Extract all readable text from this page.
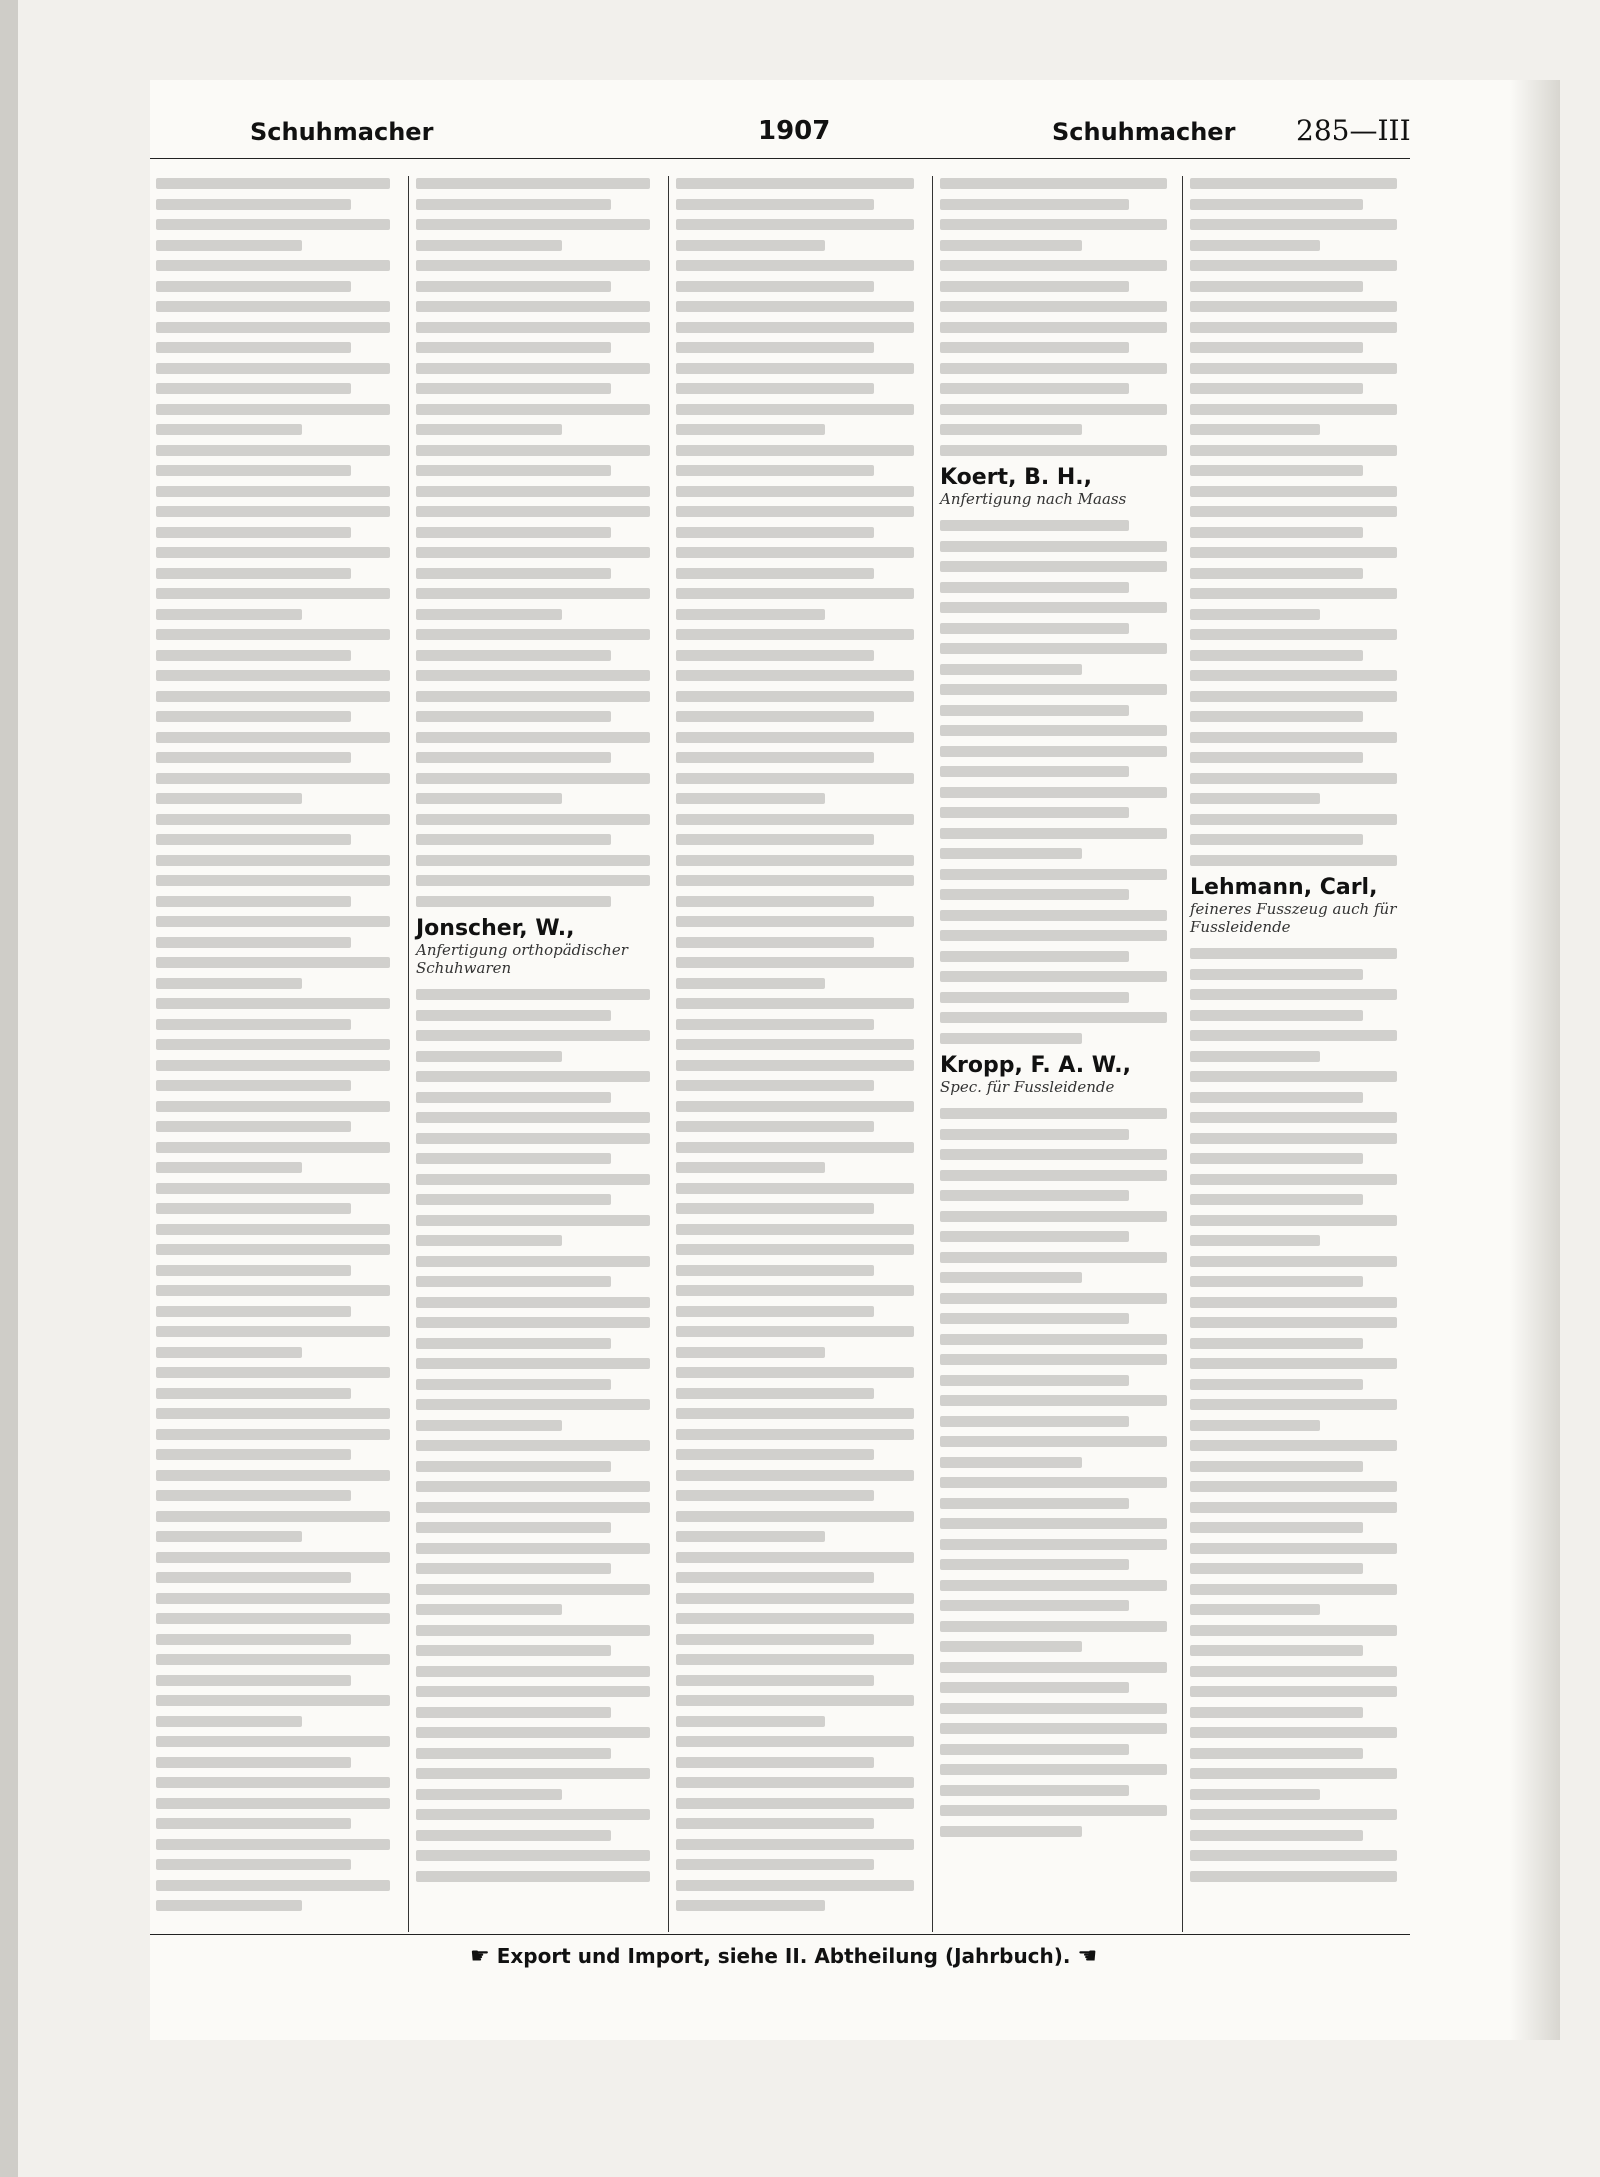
Schuhmacher	1907	Schuhmacher 285—III
Jonscher, W.,
Anfertigung orthopädischer Schuhwaren
Koert, B. H.,
Anfertigung nach Maass
Kropp, F. A. W.,
Spec. für Fussleidende
Lehmann, Carl,
feineres Fusszeug auch für Fussleidende
☛ Export und Import, siehe II. Abtheilung (Jahrbuch). ☚
